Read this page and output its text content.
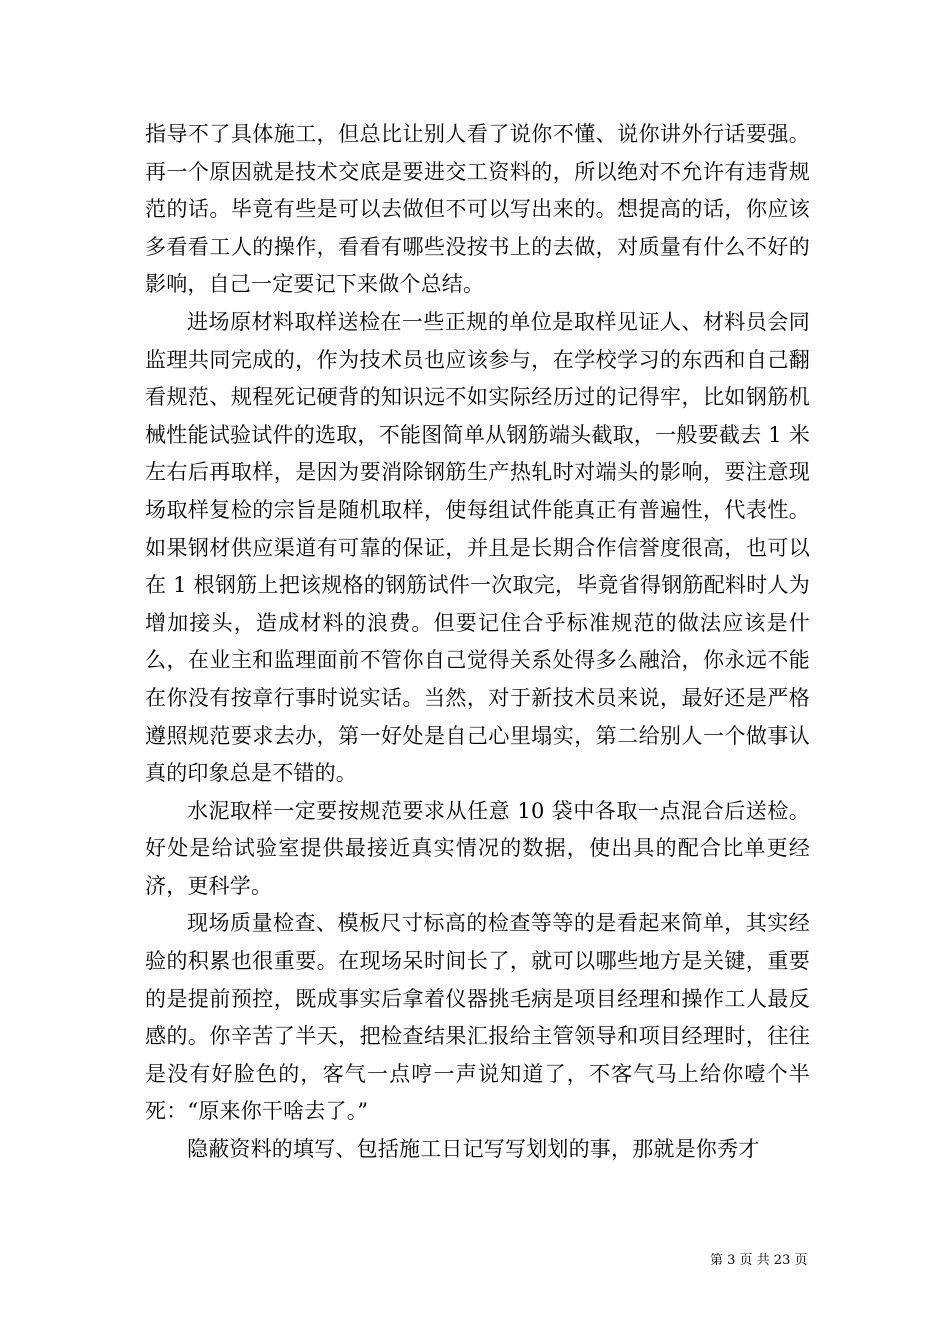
指导不了具体施工，但总比让别人看了说你不懂、说你讲外行话要强。再一个原因就是技术交底是要进交工资料的，所以绝对不允许有违背规范的话。毕竟有些是可以去做但不可以写出来的。想提高的话，你应该多看看工人的操作，看看有哪些没按书上的去做，对质量有什么不好的影响，自己一定要记下来做个总结。

进场原材料取样送检在一些正规的单位是取样见证人、材料员会同监理共同完成的，作为技术员也应该参与，在学校学习的东西和自己翻看规范、规程死记硬背的知识远不如实际经历过的记得牢，比如钢筋机械性能试验试件的选取，不能图简单从钢筋端头截取，一般要截去 1 米左右后再取样，是因为要消除钢筋生产热轧时对端头的影响，要注意现场取样复检的宗旨是随机取样，使每组试件能真正有普遍性，代表性。如果钢材供应渠道有可靠的保证，并且是长期合作信誉度很高，也可以在 1 根钢筋上把该规格的钢筋试件一次取完，毕竟省得钢筋配料时人为增加接头，造成材料的浪费。但要记住合乎标准规范的做法应该是什么，在业主和监理面前不管你自己觉得关系处得多么融洽，你永远不能在你没有按章行事时说实话。当然，对于新技术员来说，最好还是严格遵照规范要求去办，第一好处是自己心里塌实，第二给别人一个做事认真的印象总是不错的。

水泥取样一定要按规范要求从任意 10 袋中各取一点混合后送检。好处是给试验室提供最接近真实情况的数据，使出具的配合比单更经济，更科学。

现场质量检查、模板尺寸标高的检查等等的是看起来简单，其实经验的积累也很重要。在现场呆时间长了，就可以哪些地方是关键，重要的是提前预控，既成事实后拿着仪器挑毛病是项目经理和操作工人最反感的。你辛苦了半天，把检查结果汇报给主管领导和项目经理时，往往是没有好脸色的，客气一点哼一声说知道了，不客气马上给你噎个半死：“原来你干啥去了。”

隐蔽资料的填写、包括施工日记写写划划的事，那就是你秀才

第 3 页 共 23 页
